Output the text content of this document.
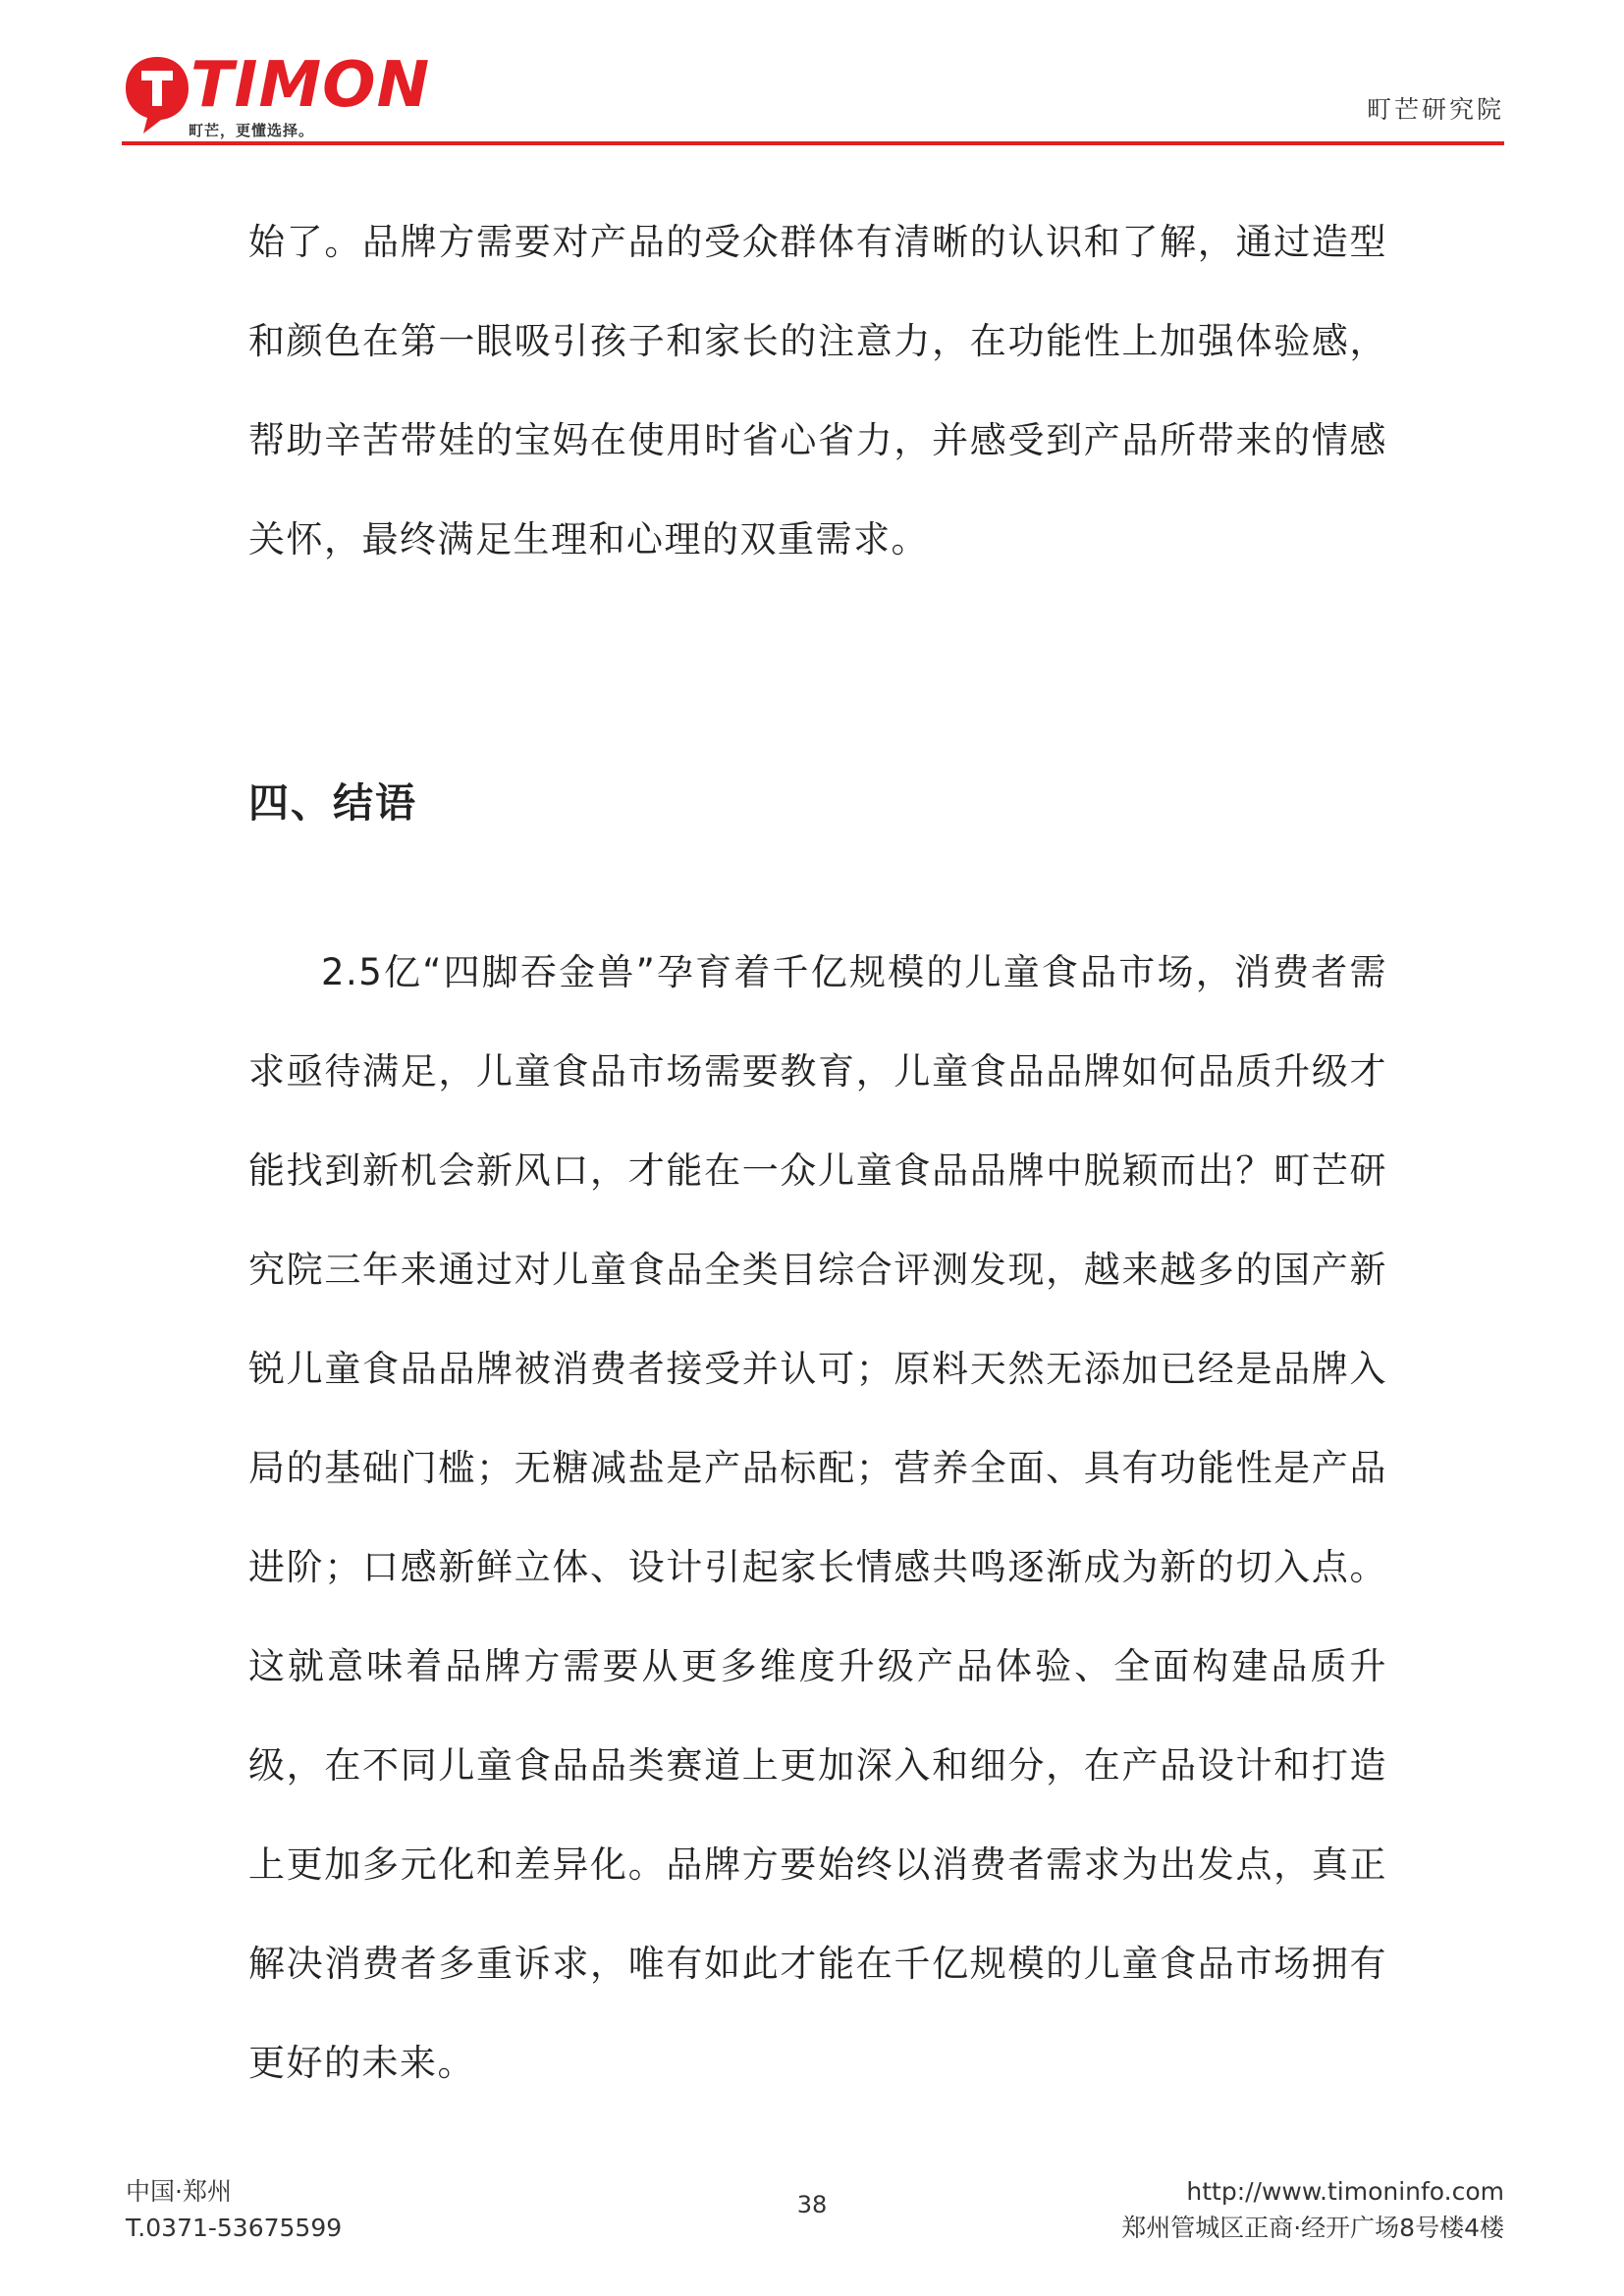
TIMON
町芒，更懂选择。
町芒研究院

始了。品牌方需要对产品的受众群体有清晰的认识和了解，通过造型和颜色在第一眼吸引孩子和家长的注意力，在功能性上加强体验感，帮助辛苦带娃的宝妈在使用时省心省力，并感受到产品所带来的情感关怀，最终满足生理和心理的双重需求。

四、结语

2.5亿“四脚吞金兽”孕育着千亿规模的儿童食品市场，消费者需求亟待满足，儿童食品市场需要教育，儿童食品品牌如何品质升级才能找到新机会新风口，才能在一众儿童食品品牌中脱颖而出？町芒研究院三年来通过对儿童食品全类目综合评测发现，越来越多的国产新锐儿童食品品牌被消费者接受并认可；原料天然无添加已经是品牌入局的基础门槛；无糖减盐是产品标配；营养全面、具有功能性是产品进阶；口感新鲜立体、设计引起家长情感共鸣逐渐成为新的切入点。这就意味着品牌方需要从更多维度升级产品体验、全面构建品质升级，在不同儿童食品品类赛道上更加深入和细分，在产品设计和打造上更加多元化和差异化。品牌方要始终以消费者需求为出发点，真正解决消费者多重诉求，唯有如此才能在千亿规模的儿童食品市场拥有更好的未来。

中国·郑州
T.0371-53675599
38	http://www.timoninfo.com
郑州管城区正商·经开广场8号楼4楼
